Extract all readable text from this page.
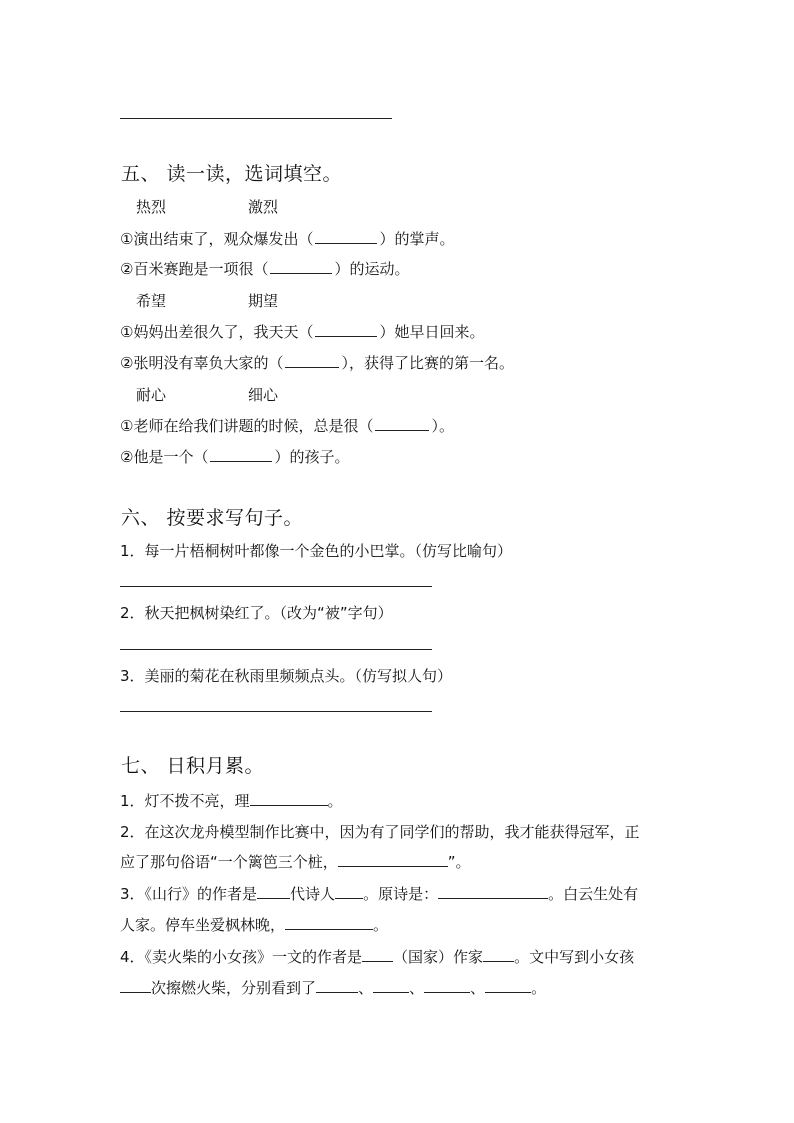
五、 读一读，选词填空。
热烈	激烈
①演出结束了，观众爆发出（	）的掌声。
②百米赛跑是一项很（	）的运动。
希望	期望
①妈妈出差很久了，我天天（	）她早日回来。
②张明没有辜负大家的（	），获得了比赛的第一名。
耐心	细心
①老师在给我们讲题的时候，总是很（	）。
②他是一个（	）的孩子。
六、 按要求写句子。
1．每一片梧桐树叶都像一个金色的小巴掌。（仿写比喻句）
2．秋天把枫树染红了。（改为“被”字句）
3．美丽的菊花在秋雨里频频点头。（仿写拟人句）
七、 日积月累。
1．灯不拨不亮，理	。
2．在这次龙舟模型制作比赛中，因为有了同学们的帮助，我才能获得冠军，正
应了那句俗语“一个篱笆三个桩，	”。
3．《山行》的作者是 代诗人 。原诗是：	。白云生处有
人家。停车坐爱枫林晚，	。
4．《卖火柴的小女孩》一文的作者是 （国家）作家 。文中写到小女孩
次擦燃火柴，分别看到了	、 、	、	。
